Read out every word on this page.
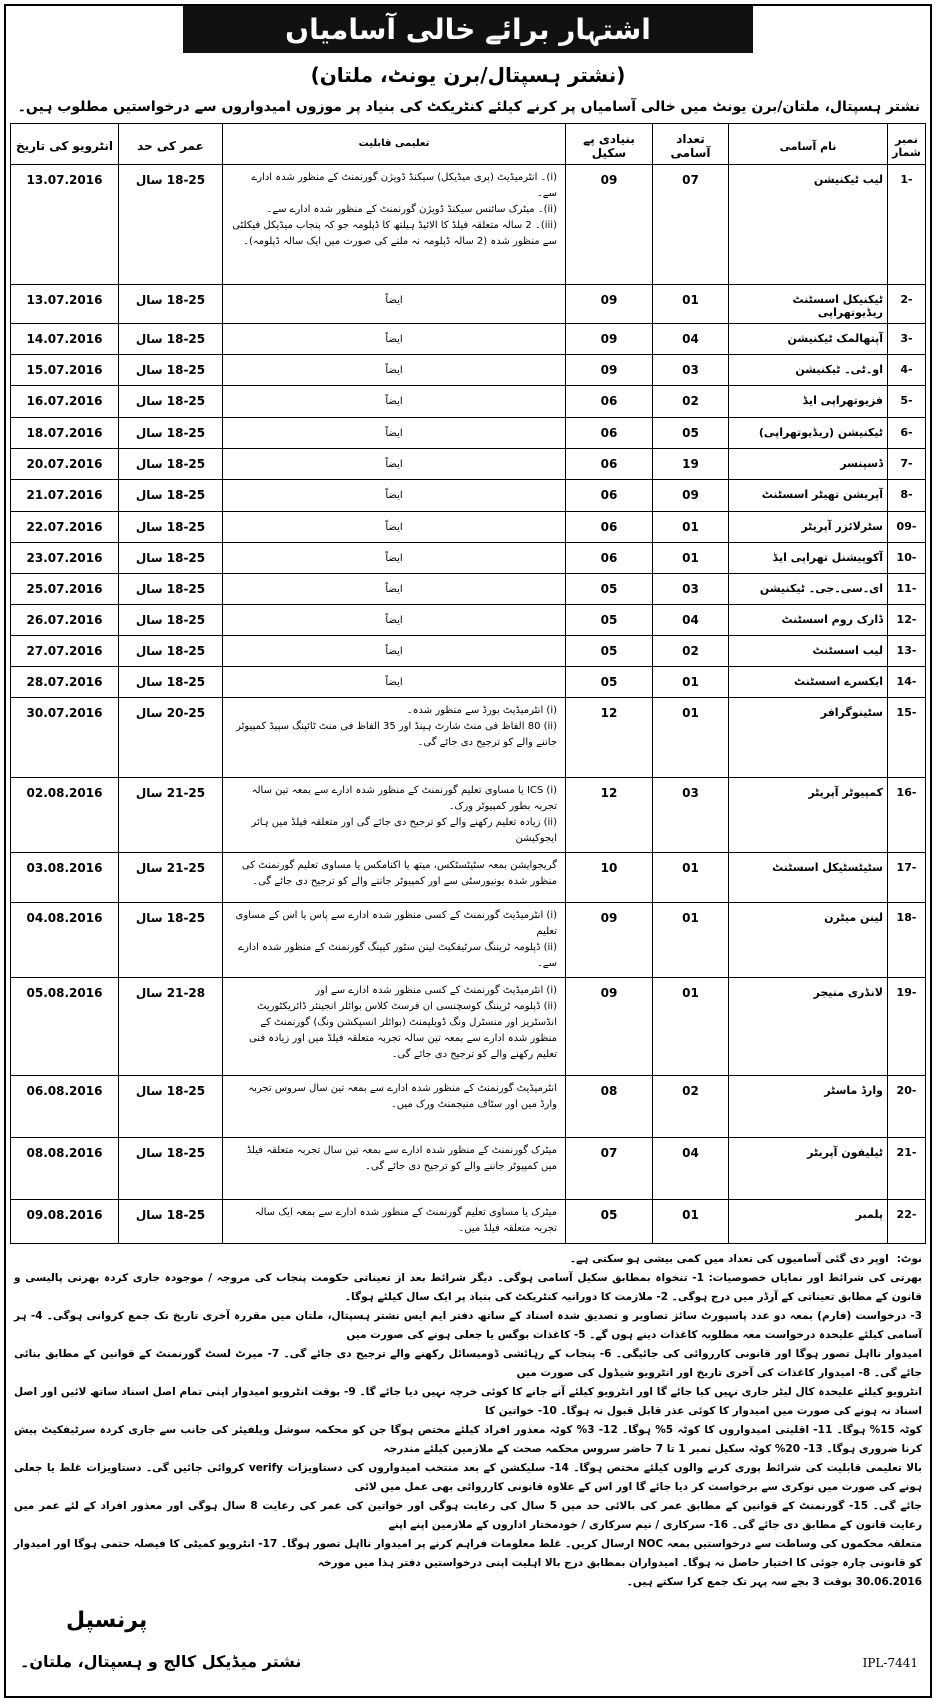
اشتہار برائے خالی آسامیاں
(نشتر ہسپتال/برن یونٹ، ملتان)
نشتر ہسپتال، ملتان/برن یونٹ میں خالی آسامیاں پر کرنے کیلئے کنٹریکٹ کی بنیاد پر موزوں امیدواروں سے درخواستیں مطلوب ہیں۔
نمبر شمار	نام آسامی	تعداد آسامی	بنیادی پے سکیل	تعلیمی قابلیت	عمر کی حد	انٹرویو کی تاریخ
-1	لیب ٹیکنیشن	07	09	(i)۔ انٹرمیڈیٹ (پری میڈیکل) سیکنڈ ڈویژن گورنمنٹ کے منظور شدہ ادارے سے۔
(ii)۔ میٹرک سائنس سیکنڈ ڈویژن گورنمنٹ کے منظور شدہ ادارے سے۔
(iii)۔ 2 سالہ متعلقہ فیلڈ کا الائیڈ ہیلتھ کا ڈپلومہ جو کہ پنجاب میڈیکل فیکلٹی سے منظور شدہ (2 سالہ ڈپلومہ نہ ملنے کی صورت میں ایک سالہ ڈپلومہ)۔	18-25 سال	13.07.2016
-2	ٹیکنیکل اسسٹنٹ ریڈیوتھراپی	01	09	ایضاً	18-25 سال	13.07.2016
-3	آپتھالمک ٹیکنیشن	04	09	ایضاً	18-25 سال	14.07.2016
-4	او۔ٹی۔ ٹیکنیشن	03	09	ایضاً	18-25 سال	15.07.2016
-5	فزیوتھراپی ایڈ	02	06	ایضاً	18-25 سال	16.07.2016
-6	ٹیکنیشن (ریڈیوتھراپی)	05	06	ایضاً	18-25 سال	18.07.2016
-7	ڈسپنسر	19	06	ایضاً	18-25 سال	20.07.2016
-8	آپریشن تھیٹر اسسٹنٹ	09	06	ایضاً	18-25 سال	21.07.2016
-09	سٹرلائزر آپریٹر	01	06	ایضاً	18-25 سال	22.07.2016
-10	آکوپیشنل تھراپی ایڈ	01	06	ایضاً	18-25 سال	23.07.2016
-11	ای۔سی۔جی۔ ٹیکنیشن	03	05	ایضاً	18-25 سال	25.07.2016
-12	ڈارک روم اسسٹنٹ	04	05	ایضاً	18-25 سال	26.07.2016
-13	لیب اسسٹنٹ	02	05	ایضاً	18-25 سال	27.07.2016
-14	ایکسرے اسسٹنٹ	01	05	ایضاً	18-25 سال	28.07.2016
-15	سٹینوگرافر	01	12	(i) انٹرمیڈیٹ بورڈ سے منظور شدہ۔
(ii) 80 الفاظ فی منٹ شارٹ ہینڈ اور 35 الفاظ فی منٹ ٹائپنگ سپیڈ کمپیوٹر جاننے والے کو ترجیح دی جائے گی۔	20-25 سال	30.07.2016
-16	کمپیوٹر آپریٹر	03	12	(i) ICS یا مساوی تعلیم گورنمنٹ کے منظور شدہ ادارے سے بمعہ تین سالہ تجربہ بطور کمپیوٹر ورک۔
(ii) زیادہ تعلیم رکھنے والے کو ترجیح دی جائے گی اور متعلقہ فیلڈ میں ہائر ایجوکیشن	21-25 سال	02.08.2016
-17	سٹیٹسٹیکل اسسٹنٹ	01	10	گریجوایشن بمعہ سٹیٹسٹکس، میتھ یا اکنامکس یا مساوی تعلیم گورنمنٹ کی منظور شدہ یونیورسٹی سے اور کمپیوٹر جاننے والے کو ترجیح دی جائے گی۔	21-25 سال	03.08.2016
-18	لینن میٹرن	01	09	(i) انٹرمیڈیٹ گورنمنٹ کے کسی منظور شدہ ادارے سے پاس یا اس کے مساوی تعلیم
(ii) ڈپلومہ ٹریننگ سرٹیفکیٹ لینن سٹور کیپنگ گورنمنٹ کے منظور شدہ ادارے سے۔	18-25 سال	04.08.2016
-19	لانڈری منیجر	01	09	(i) انٹرمیڈیٹ گورنمنٹ کے کسی منظور شدہ ادارے سے اور
(ii) ڈپلومہ ٹریننگ کوسچنسی ان فرسٹ کلاس بوائلر انجینئر ڈائریکٹوریٹ انڈسٹریز اور منسٹرل ونگ ڈویلپمنٹ (بوائلر انسپکشن ونگ) گورنمنٹ کے منظور شدہ ادارے سے بمعہ تین سالہ تجربہ متعلقہ فیلڈ میں اور زیادہ فنی تعلیم رکھنے والے کو ترجیح دی جائے گی۔	21-28 سال	05.08.2016
-20	وارڈ ماسٹر	02	08	انٹرمیڈیٹ گورنمنٹ کے منظور شدہ ادارے سے بمعہ تین سال سروس تجربہ وارڈ میں اور سٹاف منیجمنٹ ورک میں۔	18-25 سال	06.08.2016
-21	ٹیلیفون آپریٹر	04	07	میٹرک گورنمنٹ کے منظور شدہ ادارے سے بمعہ تین سال تجربہ متعلقہ فیلڈ میں کمپیوٹر جاننے والے کو ترجیح دی جائے گی۔	18-25 سال	08.08.2016
-22	پلمبر	01	05	میٹرک یا مساوی تعلیم گورنمنٹ کے منظور شدہ ادارے سے بمعہ ایک سالہ تجربہ متعلقہ فیلڈ میں۔	18-25 سال	09.08.2016
نوٹ:اوپر دی گئی آسامیوں کی تعداد میں کمی بیشی ہو سکتی ہے۔
بھرتی کی شرائط اور نمایاں خصوصیات: 1- تنخواہ بمطابق سکیل آسامی ہوگی۔ دیگر شرائط بعد از تعیناتی حکومت پنجاب کی مروجہ / موجودہ جاری کردہ بھرتی پالیسی و قانون کے مطابق تعیناتی کے آرڈر میں درج ہوگی۔ 2- ملازمت کا دورانیہ کنٹریکٹ کی بنیاد پر ایک سال کیلئے ہوگا۔
3- درخواست (فارم) بمعہ دو عدد پاسپورٹ سائز تصاویر و تصدیق شدہ اسناد کے ساتھ دفتر ایم ایس نشتر ہسپتال، ملتان میں مقررہ آخری تاریخ تک جمع کروانی ہوگی۔ 4- ہر آسامی کیلئے علیحدہ درخواست معہ مطلوبہ کاغذات دینے ہوں گے۔ 5- کاغذات بوگس یا جعلی ہونے کی صورت میں
امیدوار نااہل تصور ہوگا اور قانونی کارروائی کی جائیگی۔ 6- پنجاب کے رہائشی ڈومیسائل رکھنے والے ترجیح دی جائے گی۔ 7- میرٹ لسٹ گورنمنٹ کے قوانین کے مطابق بنائی جائے گی۔ 8- امیدوار کاغذات کی آخری تاریخ اور انٹرویو شیڈول کی صورت میں
انٹرویو کیلئے علیحدہ کال لیٹر جاری نہیں کیا جائے گا اور انٹرویو کیلئے آنے جانے کا کوئی خرچہ نہیں دیا جائے گا۔ 9- بوقت انٹرویو امیدوار اپنی تمام اصل اسناد ساتھ لائیں اور اصل اسناد نہ ہونے کی صورت میں امیدوار کا کوئی عذر قابل قبول نہ ہوگا۔ 10- خواتین کا
کوٹہ 15% ہوگا۔ 11- اقلیتی امیدواروں کا کوٹہ 5% ہوگا۔ 12- 3% کوٹہ معذور افراد کیلئے مختص ہوگا جن کو محکمہ سوشل ویلفیئر کی جانب سے جاری کردہ سرٹیفکیٹ پیش کرنا ضروری ہوگا۔ 13- 20% کوٹہ سکیل نمبر 1 تا 7 حاضر سروس محکمہ صحت کے ملازمین کیلئے مندرجہ
بالا تعلیمی قابلیت کی شرائط پوری کرنے والوں کیلئے مختص ہوگا۔ 14- سلیکشن کے بعد منتخب امیدواروں کی دستاویزات verify کروائی جائیں گی۔ دستاویزات غلط یا جعلی ہونے کی صورت میں نوکری سے برخواست کر دیا جائے گا اور اس کے علاوہ قانونی کارروائی بھی عمل میں لائی
جائے گی۔ 15- گورنمنٹ کے قوانین کے مطابق عمر کی بالائی حد میں 5 سال کی رعایت ہوگی اور خواتین کی عمر کی رعایت 8 سال ہوگی اور معذور افراد کے لئے عمر میں رعایت قانون کے مطابق دی جائے گی۔ 16- سرکاری / نیم سرکاری / خودمختار اداروں کے ملازمین اپنے اپنے
متعلقہ محکموں کی وساطت سے درخواستیں بمعہ NOC ارسال کریں۔ غلط معلومات فراہم کرنے پر امیدوار نااہل تصور ہوگا۔ 17- انٹرویو کمیٹی کا فیصلہ حتمی ہوگا اور امیدوار کو قانونی چارہ جوئی کا اختیار حاصل نہ ہوگا۔ امیدواران بمطابق درج بالا اہلیت اپنی درخواستیں دفتر ہذا میں مورخہ
30.06.2016 بوقت 3 بجے سہ پہر تک جمع کرا سکتے ہیں۔
پرنسپل
نشتر میڈیکل کالج و ہسپتال، ملتان۔	IPL-7441
